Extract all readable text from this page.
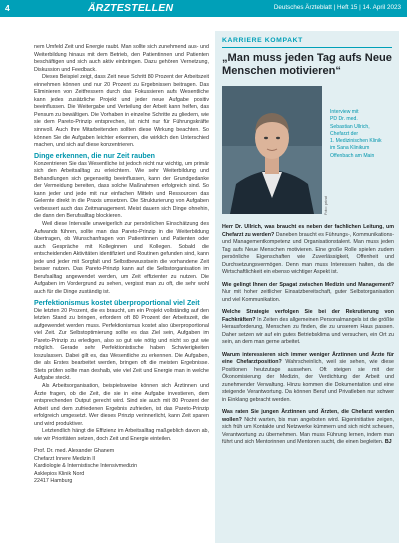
4	ÄRZTESTELLEN	Deutsches Ärzteblatt | Heft 15 | 14. April 2023

nem Umfeld Zeit und Energie raubt. Man sollte sich zunehmend aus- und Weiterbildung hinaus mit dem Betrieb, den Patientinnen und Patienten beschäftigen und sich auch aktiv einbringen. Dazu gehören Vernetzung, Diskussion und Feedback.

Dieses Beispiel zeigt, dass Zeit neue Schritt 80 Prozent der Arbeitszeit einnehmen können und nur 20 Prozent zu Ergebnissen beitragen. Das Eliminieren von Zeitfressern durch das Fokussieren aufs Wesentliche kann jedes zusätzliche Projekt und jeder neue Aufgabe positiv beeinflussen. Die Weitergabe und Verteilung der Arbeit kann helfen, das Pensum zu bewältigen. Die Vorhaben in einzelne Schritte zu gliedern, wie sie dem Pareto-Prinzip entsprechen, ist nicht nur für Führungskräfte sinnvoll. Auch Ihre Mitarbeitenden sollten diese Wirkung beachten. So können Sie die Aufgaben leichter erkennen, die wirklich den Unterschied machen, und sich auf diese konzentrieren.

Dinge erkennen, die nur Zeit rauben

Konzentrieren Sie das Wesentliche ist jedoch nicht nur wichtig, um primär sich den Arbeitsalltag zu erleichtern. Wie sehr Weiterbildung und Behandlungen sich gegenseitig beeinflussen, kann der Grundgedanke der Vermeidung bereiten, dass solche Maßnahmen erfolgreich sind. So kann jeder und jede mit nur einfachen Mitteln und Ressourcen das Gelernte direkt in die Praxis umsetzen. Die Strukturierung von Aufgaben verbessert auch das Zeitmanagement. Meist dauern sich Dinge ohnehin, die dann den Berufsalltag blockieren.

Weil diese Intervalle unweigerlich zur persönlichen Einschätzung des Aufwands führen, sollte man das Pareto-Prinzip in die Weiterbildung übertragen, ob Wunschanfragen von Patientinnen und Patienten oder auch Gespräche mit Kolleginnen und Kollegen. Sobald die entscheidenden Aktivitäten identifiziert und Routinen gefunden sind, kann jede und jeder mit Sorgfalt und Selbstbewusstsein die vorhandene Zeit besser nutzen. Das Pareto-Prinzip kann auf die Selbstorganisation im Berufsalltag angewendet werden, um Zeit effizienter zu nutzen. Die Aufgaben im Vordergrund zu sehen, vergisst man zu oft, die sehr wohl auch für die Dinge zuständig ist.

Perfektionismus kostet überproportional viel Zeit

Die letzten 20 Prozent, die es braucht, um ein Projekt vollständig auf den letzten Stand zu bringen, erfordern oft 80 Prozent der Arbeitszeit, die aufgewendet werden muss. Perfektionismus kostet also überproportional viel Zeit. Zur Selbstoptimierung sollte es das Ziel sein, Aufgaben im Pareto-Prinzip zu erledigen, also so gut wie nötig und nicht so gut wie möglich. Gerade sehr Perfektionistische haben Schwierigkeiten loszulassen. Dabei gilt es, das Wesentliche zu erkennen. Die Aufgaben, die als Erstes bearbeitet werden, bringen oft die meisten Ergebnisse. Stets prüfen sollte man deshalb, wie viel Zeit und Energie man in welche Aufgabe steckt.

Als Arbeitsorganisation, beispielsweise können sich Ärztinnen und Ärzte fragen, ob die Zeit, die sie in eine Aufgabe investieren, dem entsprechenden Output gerecht wird. Sind sie auch mit 80 Prozent der Arbeit und dem zufriedenen Ergebnis zufrieden, ist das Pareto-Prinzip erfolgreich umgesetzt. Wer dieses Prinzip verinnerlicht, kann Zeit sparen und wird produktiver.

Letztendlich hängt die Effizienz im Arbeitsalltag maßgeblich davon ab, wie wir Prioritäten setzen, doch Zeit und Energie einteilen.

Prof. Dr. med. Alexander Ghanem
Chefarzt Innere Medizin II
Kardiologie & Internistische Intensivmedizin
Asklepios Klinik Nord
22417 Hamburg
KARRIERE KOMPAKT
„Man muss jeden Tag aufs Neue Menschen motivieren“
Foto: privat
Interview mit
PD Dr. med.
Sebastian Ullrich,
Chefarzt der
1. Medizinischen Klinik
im Sana Klinikum
Offenbach am Main

Herr Dr. Ullrich, was braucht es neben der fachlichen Leitung, um Chefarzt zu werden? Daneben braucht es Führungs-, Kommunikations- und Managementkompetenz und Organisationstalent. Man muss jeden Tag aufs Neue Menschen motivieren. Eine große Rolle spielen zudem persönliche Eigenschaften wie Zuverlässigkeit, Offenheit und Durchsetzungsvermögen. Denn man muss Interessen halten, da die Wirtschaftlichkeit ein ebenso wichtiger Aspekt ist.

Wie gelingt Ihnen der Spagat zwischen Medizin und Management? Nur mit hoher zeitlicher Einsatzbereitschaft, guter Selbstorganisation und viel Kommunikation.

Welche Strategie verfolgen Sie bei der Rekrutierung von Fachkräften? In Zeiten des allgemeinen Personalmangels ist die größte Herausforderung, Menschen zu finden, die zu unserem Haus passen. Daher setzen wir auf ein gutes Betriebsklima und versuchen, ein Ort zu sein, an dem man gerne arbeitet.

Warum interessieren sich immer weniger Ärztinnen und Ärzte für eine Chefarztposition? Wahrscheinlich, weil sie sehen, wie diese Positionen heutzutage aussehen. Oft steigen sie mit der Ökonomisierung der Medizin, der Verdichtung der Arbeit und zunehmender Verwaltung. Hinzu kommen die Dokumentation und eine steigende Verantwortung. Da können Beruf und Privatleben nur schwer in Einklang gebracht werden.

Was raten Sie jungen Ärztinnen und Ärzten, die Chefarzt werden wollen? Nicht warten, bis man angeboten wird. Eigeninitiative zeigen, sich früh um Kontakte und Netzwerke kümmern und sich nicht scheuen, Verantwortung zu übernehmen. Man muss Führung lernen, indem man führt und sich Mentorinnen und Mentoren sucht, die einen begleiten. BJ
